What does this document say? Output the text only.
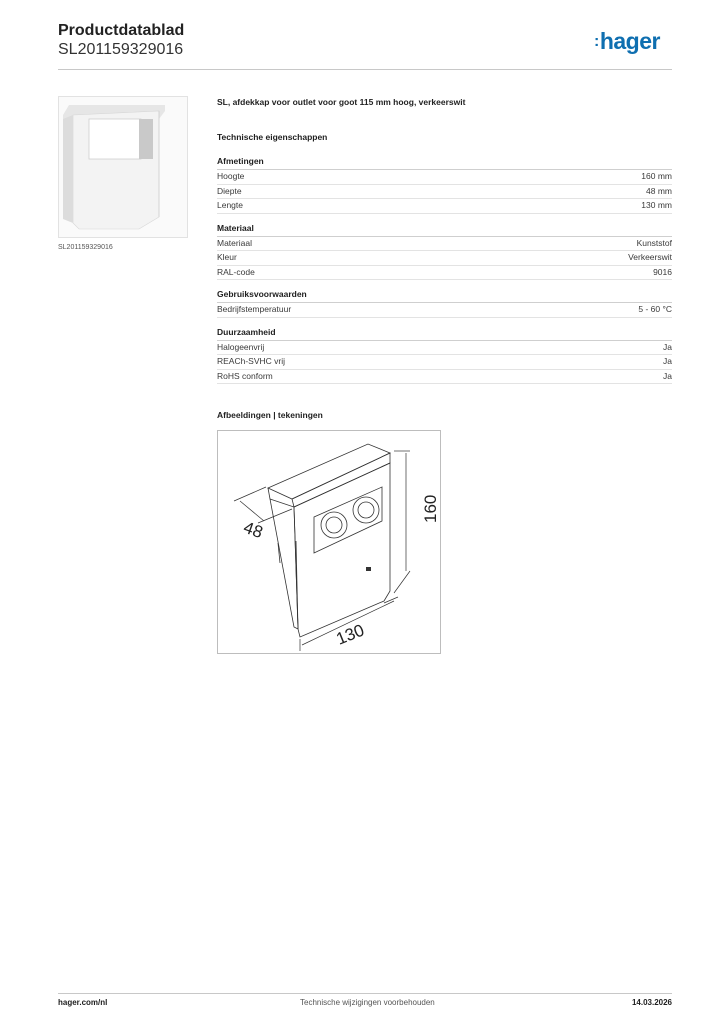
Productdatablad
SL201159329016	:hager
SL201159329016
SL, afdekkap voor outlet voor goot 115 mm hoog, verkeerswit
Technische eigenschappen
Afmetingen
Hoogte	160 mm
Diepte	48 mm
Lengte	130 mm
Materiaal
Materiaal	Kunststof
Kleur	Verkeerswit
RAL-code	9016
Gebruiksvoorwaarden
Bedrijfstemperatuur	5 - 60 °C
Duurzaamheid
Halogeenvrij	Ja
REACh-SVHC vrij	Ja
RoHS conform	Ja
Afbeeldingen | tekeningen
48
160
130
hager.com/nl	Technische wijzigingen voorbehouden	14.03.2026
